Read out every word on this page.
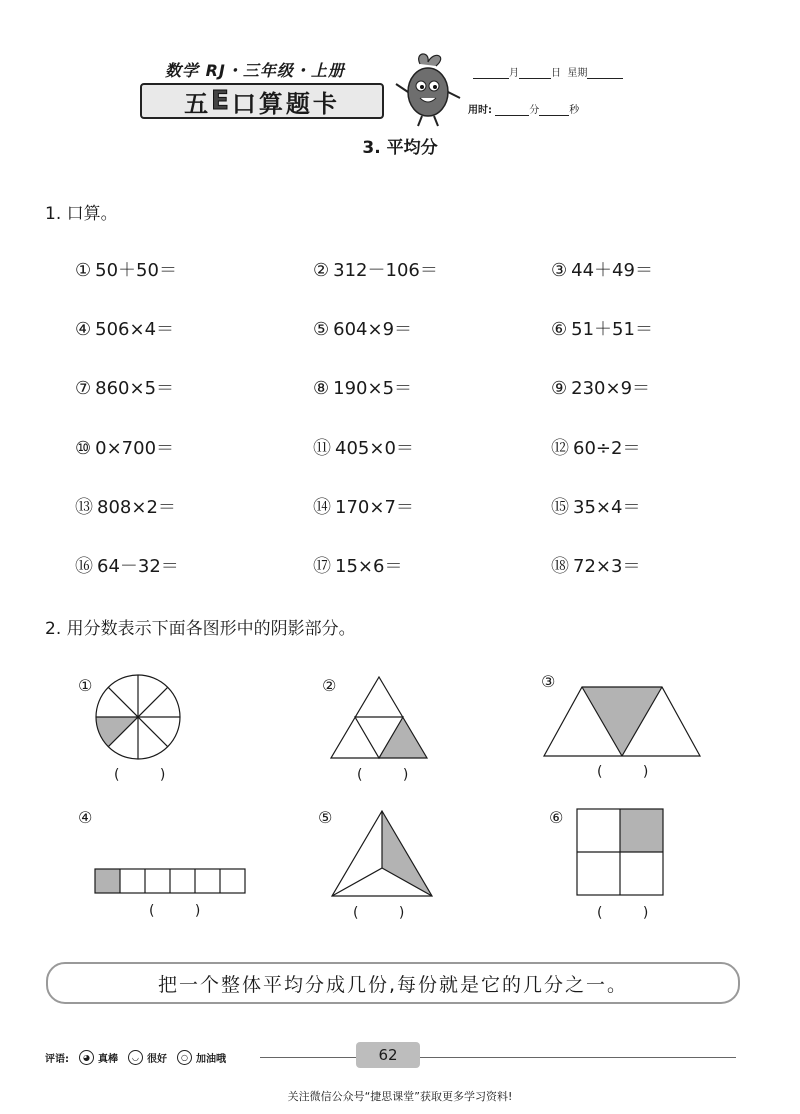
数学 RJ・三年级・上册
五 E 口算题卡
月	日 星期
用时:	分	秒
3. 平均分
1. 口算。
① 50＋50＝	② 312－106＝	③ 44＋49＝
④ 506×4＝	⑤ 604×9＝	⑥ 51＋51＝
⑦ 860×5＝	⑧ 190×5＝	⑨ 230×9＝
⑩ 0×700＝	⑪ 405×0＝	⑫ 60÷2＝
⑬ 808×2＝	⑭ 170×7＝	⑮ 35×4＝
⑯ 64－32＝	⑰ 15×6＝	⑱ 72×3＝
2. 用分数表示下面各图形中的阴影部分。
①	②	③
④	⑤	⑥
( )	( )	( )
( )	( )	( )
把一个整体平均分成几份,每份就是它的几分之一。
评语:	◕ 真棒	◡ 很好	○ 加油哦	62
关注微信公众号“捷思课堂”获取更多学习资料!
